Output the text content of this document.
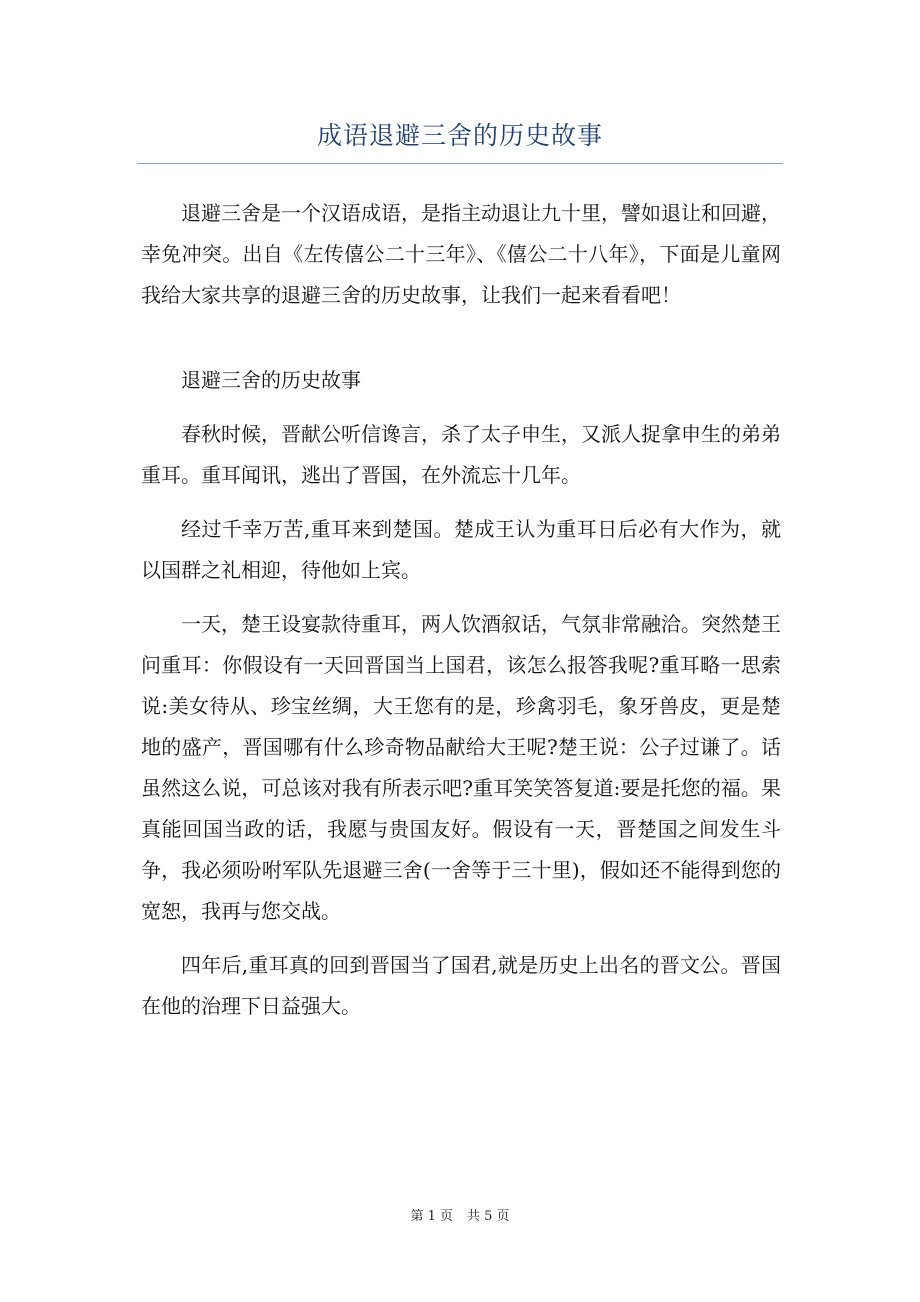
成语退避三舍的历史故事

退避三舍是一个汉语成语，是指主动退让九十里，譬如退让和回避，幸免冲突。出自《左传僖公二十三年》、《僖公二十八年》，下面是儿童网我给大家共享的退避三舍的历史故事，让我们一起来看看吧！

退避三舍的历史故事

春秋时候，晋献公听信谗言，杀了太子申生，又派人捉拿申生的弟弟重耳。重耳闻讯，逃出了晋国，在外流忘十几年。

经过千幸万苦,重耳来到楚国。楚成王认为重耳日后必有大作为，就以国群之礼相迎，待他如上宾。

一天，楚王设宴款待重耳，两人饮酒叙话，气氛非常融洽。突然楚王问重耳：你假设有一天回晋国当上国君，该怎么报答我呢?重耳略一思索说:美女待从、珍宝丝绸，大王您有的是，珍禽羽毛，象牙兽皮，更是楚地的盛产，晋国哪有什么珍奇物品献给大王呢?楚王说：公子过谦了。话虽然这么说，可总该对我有所表示吧?重耳笑笑答复道:要是托您的福。果真能回国当政的话，我愿与贵国友好。假设有一天，晋楚国之间发生斗争，我必须吩咐军队先退避三舍(一舍等于三十里)，假如还不能得到您的宽恕，我再与您交战。

四年后,重耳真的回到晋国当了国君,就是历史上出名的晋文公。晋国在他的治理下日益强大。

第 1 页 共 5 页
